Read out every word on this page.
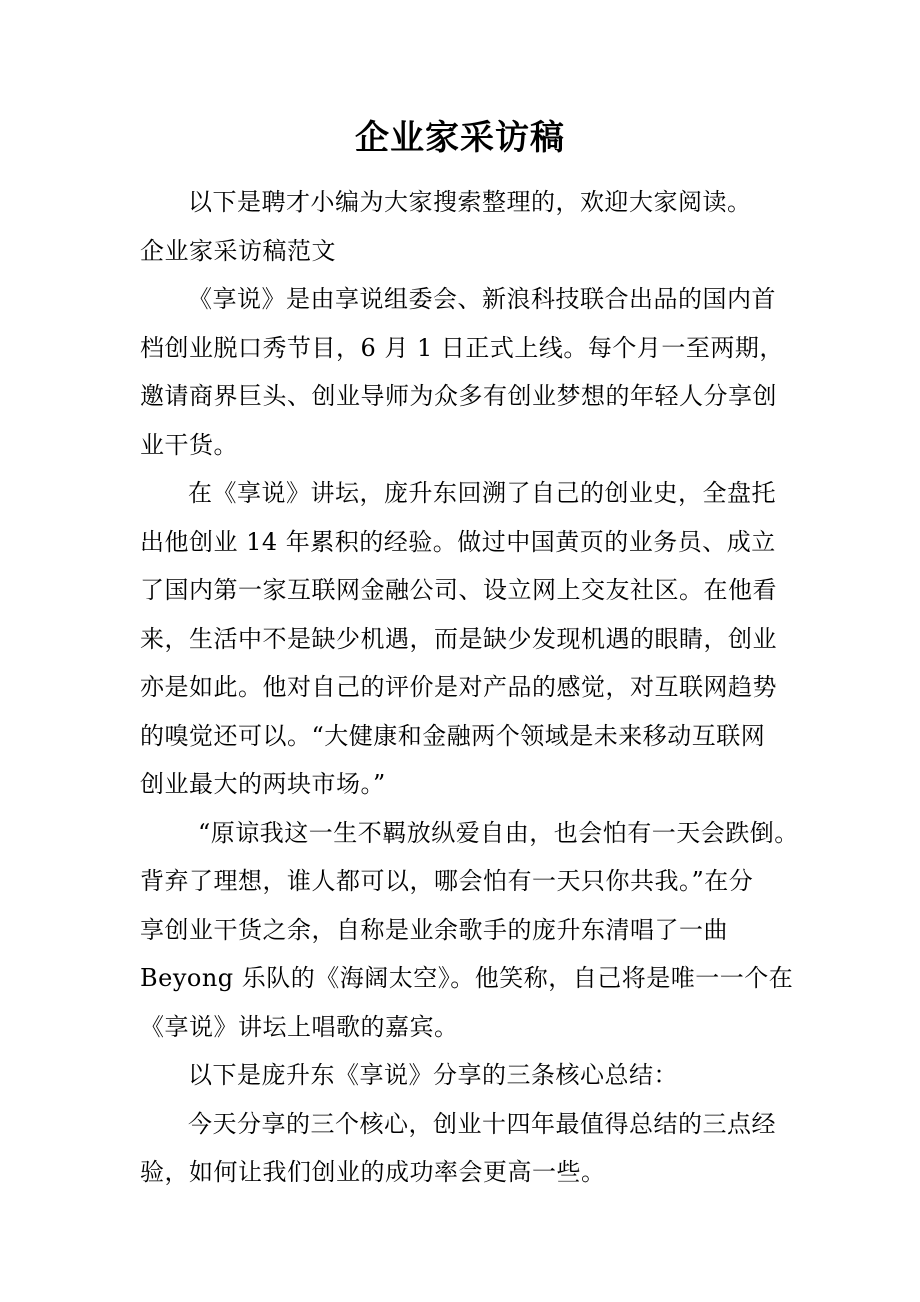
企业家采访稿
以下是聘才小编为大家搜索整理的，欢迎大家阅读。
企业家采访稿范文
《享说》是由享说组委会、新浪科技联合出品的国内首
档创业脱口秀节目，6 月 1 日正式上线。每个月一至两期，
邀请商界巨头、创业导师为众多有创业梦想的年轻人分享创
业干货。
在《享说》讲坛，庞升东回溯了自己的创业史，全盘托
出他创业 14 年累积的经验。做过中国黄页的业务员、成立
了国内第一家互联网金融公司、设立网上交友社区。在他看
来，生活中不是缺少机遇，而是缺少发现机遇的眼睛，创业
亦是如此。他对自己的评价是对产品的感觉，对互联网趋势
的嗅觉还可以。“大健康和金融两个领域是未来移动互联网
创业最大的两块市场。”
“原谅我这一生不羁放纵爱自由，也会怕有一天会跌倒。
背弃了理想，谁人都可以，哪会怕有一天只你共我。”在分
享创业干货之余，自称是业余歌手的庞升东清唱了一曲
Beyong 乐队的《海阔太空》。他笑称，自己将是唯一一个在
《享说》讲坛上唱歌的嘉宾。
以下是庞升东《享说》分享的三条核心总结：
今天分享的三个核心，创业十四年最值得总结的三点经
验，如何让我们创业的成功率会更高一些。
